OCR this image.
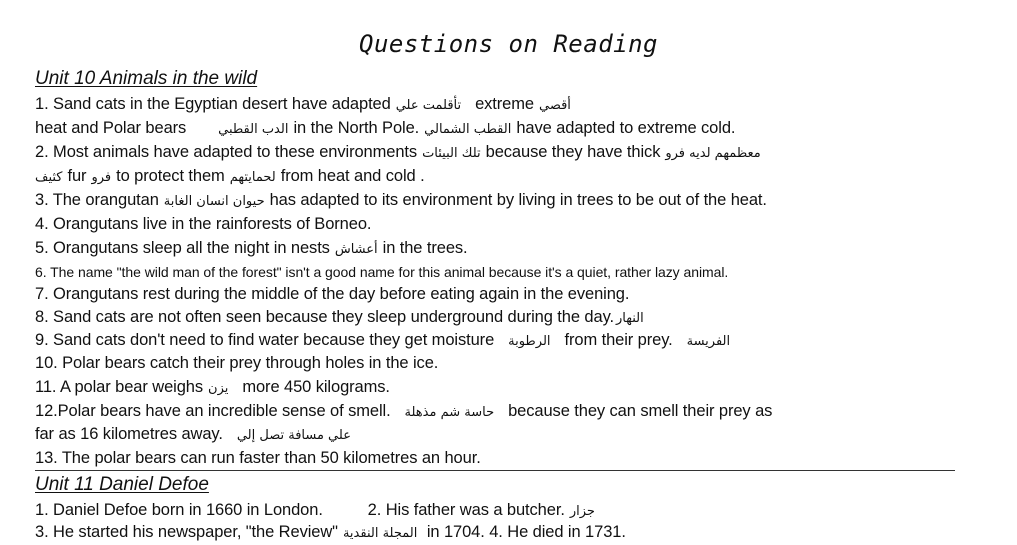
Questions on Reading
Unit 10 Animals in the wild
1. Sand cats in the Egyptian desert have adapted تأقلمت علي extreme أقصي
heat and Polar bears الدب القطبي in the North Pole. القطب الشمالي have adapted to extreme cold.
2. Most animals have adapted to these environments تلك البيئات because they have thick معظمهم لديه فرو
كثيف fur فرو to protect them لحمايتهم from heat and cold .
3. The orangutan حيوان انسان الغابة has adapted to its environment by living in trees to be out of the heat.
4. Orangutans live in the rainforests of Borneo.
5. Orangutans sleep all the night in nests أعشاش in the trees.
6. The name "the wild man of the forest" isn't a good name for this animal because it's a quiet, rather lazy animal.
7. Orangutans rest during the middle of the day before eating again in the evening.
8. Sand cats are not often seen because they sleep underground during the day. النهار
9. Sand cats don't need to find water because they get moisture الرطوبة from their prey. الفريسة
10. Polar bears catch their prey through holes in the ice.
11. A polar bear weighs يزن more 450 kilograms.
12.Polar bears have an incredible sense of smell. حاسة شم مذهلة because they can smell their prey as
far as 16 kilometres away. علي مسافة تصل إلي
13. The polar bears can run faster than 50 kilometres an hour.
Unit 11 Daniel Defoe
1. Daniel Defoe born in 1660 in London.	2. His father was a butcher. جزار
3. He started his newspaper, "the Review" المجلة النقدية in 1704. 4. He died in 1731.
